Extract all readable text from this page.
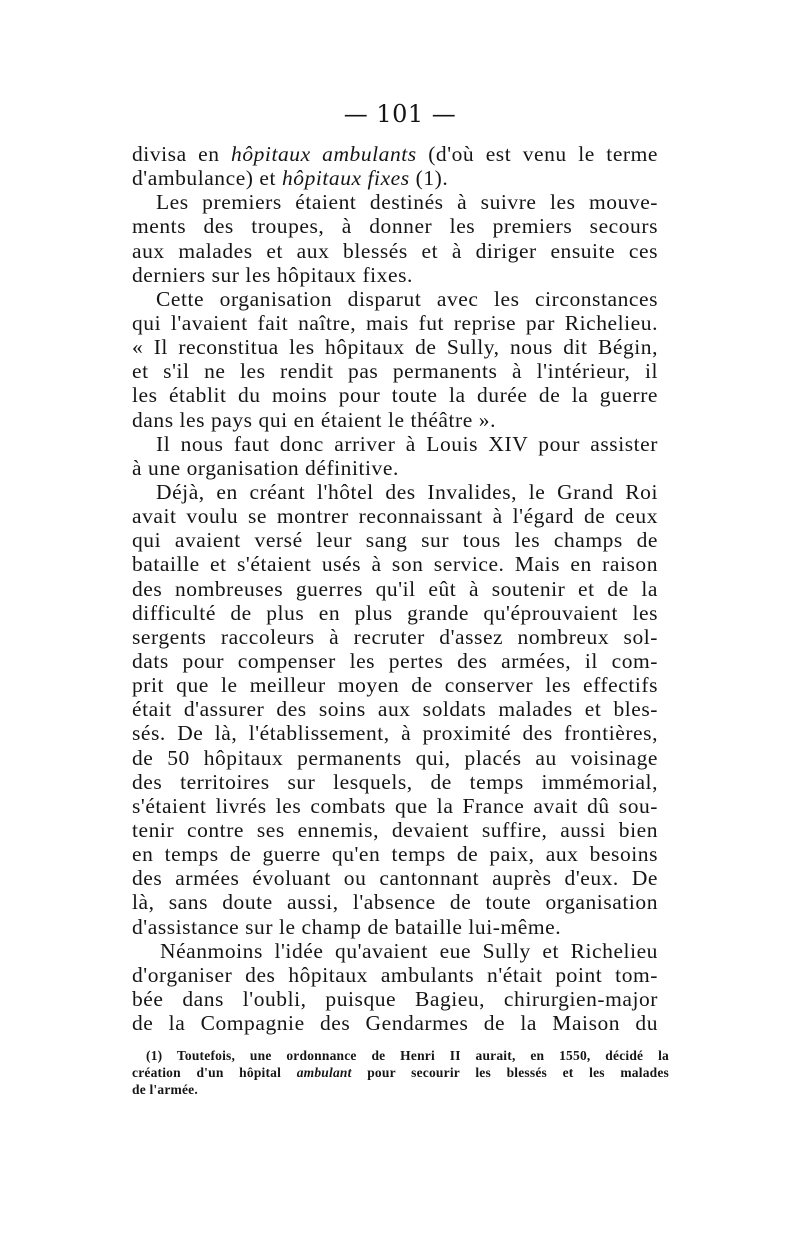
— 101 —
divisa en hôpitaux ambulants (d'où est venu le terme
d'ambulance) et hôpitaux fixes (1).
Les premiers étaient destinés à suivre les mouve-
ments des troupes, à donner les premiers secours
aux malades et aux blessés et à diriger ensuite ces
derniers sur les hôpitaux fixes.
Cette organisation disparut avec les circonstances
qui l'avaient fait naître, mais fut reprise par Richelieu.
« Il reconstitua les hôpitaux de Sully, nous dit Bégin,
et s'il ne les rendit pas permanents à l'intérieur, il
les établit du moins pour toute la durée de la guerre
dans les pays qui en étaient le théâtre ».
Il nous faut donc arriver à Louis XIV pour assister
à une organisation définitive.
Déjà, en créant l'hôtel des Invalides, le Grand Roi
avait voulu se montrer reconnaissant à l'égard de ceux
qui avaient versé leur sang sur tous les champs de
bataille et s'étaient usés à son service. Mais en raison
des nombreuses guerres qu'il eût à soutenir et de la
difficulté de plus en plus grande qu'éprouvaient les
sergents raccoleurs à recruter d'assez nombreux sol-
dats pour compenser les pertes des armées, il com-
prit que le meilleur moyen de conserver les effectifs
était d'assurer des soins aux soldats malades et bles-
sés. De là, l'établissement, à proximité des frontières,
de 50 hôpitaux permanents qui, placés au voisinage
des territoires sur lesquels, de temps immémorial,
s'étaient livrés les combats que la France avait dû sou-
tenir contre ses ennemis, devaient suffire, aussi bien
en temps de guerre qu'en temps de paix, aux besoins
des armées évoluant ou cantonnant auprès d'eux. De
là, sans doute aussi, l'absence de toute organisation
d'assistance sur le champ de bataille lui-même.
Néanmoins l'idée qu'avaient eue Sully et Richelieu
d'organiser des hôpitaux ambulants n'était point tom-
bée dans l'oubli, puisque Bagieu, chirurgien-major
de la Compagnie des Gendarmes de la Maison du
(1) Toutefois, une ordonnance de Henri II aurait, en 1550, décidé la
création d'un hôpital ambulant pour secourir les blessés et les malades
de l'armée.
